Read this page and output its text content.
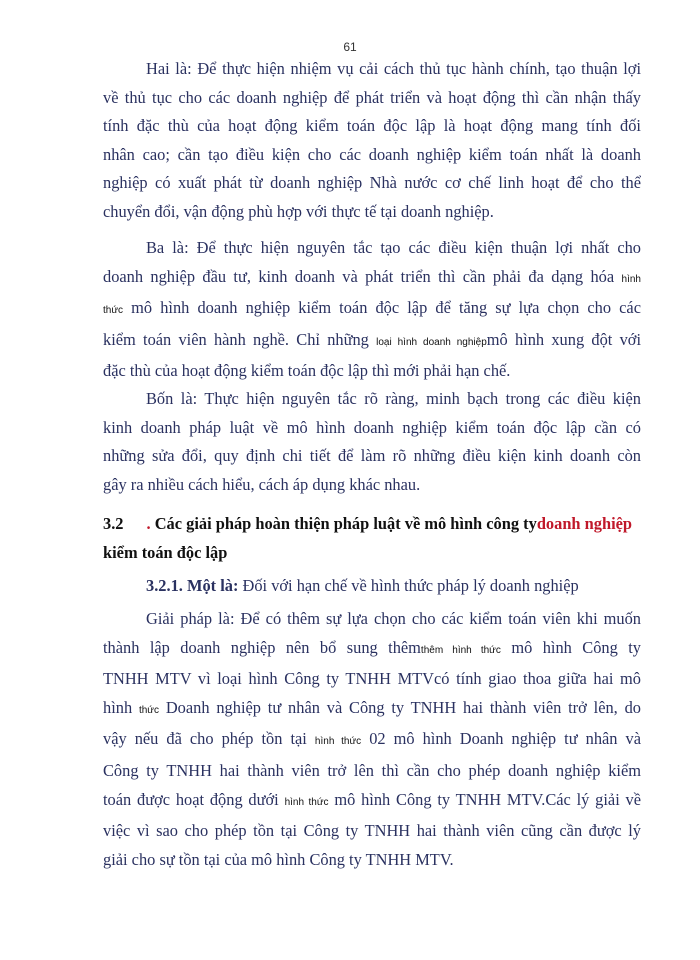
61

Hai là: Để thực hiện nhiệm vụ cải cách thủ tục hành chính, tạo thuận lợi
về thủ tục cho các doanh nghiệp để phát triển và hoạt động thì cần nhận thấy
tính đặc thù của hoạt động kiểm toán độc lập là hoạt động mang tính đối
nhân cao; cần tạo điều kiện cho các doanh nghiệp kiểm toán nhất là doanh
nghiệp có xuất phát từ doanh nghiệp Nhà nước cơ chế linh hoạt để cho thể
chuyển đổi, vận động phù hợp với thực tế tại doanh nghiệp.

Ba là: Để thực hiện nguyên tắc tạo các điều kiện thuận lợi nhất cho
doanh nghiệp đầu tư, kinh doanh và phát triển thì cần phải đa dạng hóa hình
thức mô hình doanh nghiệp kiểm toán độc lập để tăng sự lựa chọn cho các
kiểm toán viên hành nghề. Chỉ những loại hình doanh nghiệpmô hình xung đột với
đặc thù của hoạt động kiểm toán độc lập thì mới phải hạn chế.

Bốn là: Thực hiện nguyên tắc rõ ràng, minh bạch trong các điều kiện
kinh doanh pháp luật về mô hình doanh nghiệp kiểm toán độc lập cần có
những sửa đổi, quy định chi tiết để làm rõ những điều kiện kinh doanh còn
gây ra nhiều cách hiểu, cách áp dụng khác nhau.

3.2 . Các giải pháp hoàn thiện pháp luật về mô hình công tydoanh nghiệp
kiểm toán độc lập
3.2.1. Một là: Đối với hạn chế về hình thức pháp lý doanh nghiệp

Giải pháp là: Để có thêm sự lựa chọn cho các kiểm toán viên khi muốn
thành lập doanh nghiệp nên bổ sung thêmthêm hình thức mô hình Công ty
TNHH MTV vì loại hình Công ty TNHH MTVcó tính giao thoa giữa hai mô
hình thức Doanh nghiệp tư nhân và Công ty TNHH hai thành viên trở lên, do
vậy nếu đã cho phép tồn tại hình thức 02 mô hình Doanh nghiệp tư nhân và
Công ty TNHH hai thành viên trở lên thì cần cho phép doanh nghiệp kiểm
toán được hoạt động dưới hình thức mô hình Công ty TNHH MTV.Các lý giải về
việc vì sao cho phép tồn tại Công ty TNHH hai thành viên cũng cần được lý
giải cho sự tồn tại của mô hình Công ty TNHH MTV.
